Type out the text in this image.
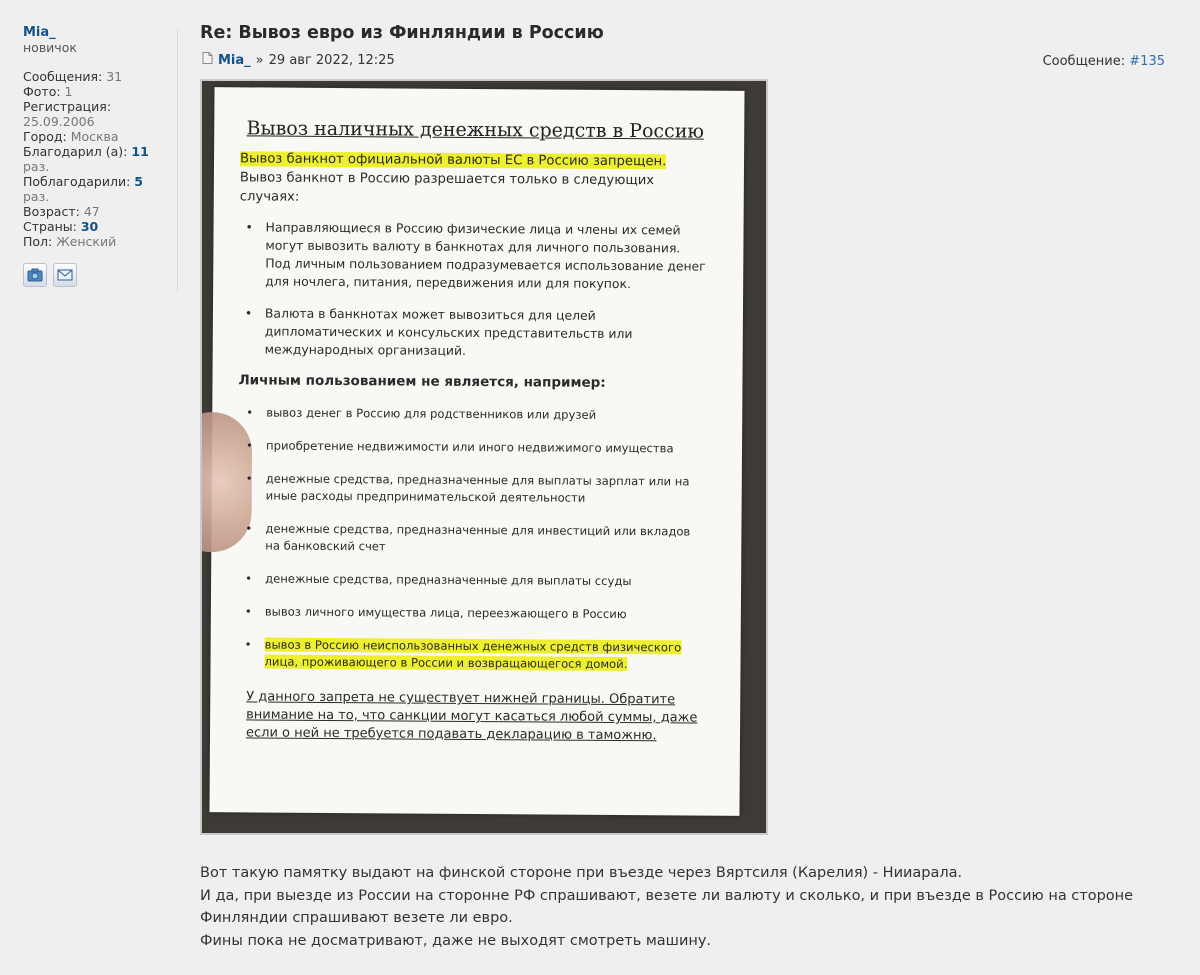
Mia_
новичок
Сообщения: 31
Фото: 1
Регистрация:
25.09.2006
Город: Москва
Благодарил (а): 11
раз.
Поблагодарили: 5
раз.
Возраст: 47
Страны: 30
Пол: Женский
Re: Вывоз евро из Финляндии в Россию
Mia_ » 29 авг 2022, 12:25	Сообщение: #135
Вывоз наличных денежных средств в Россию
Вывоз банкнот официальной валюты ЕС в Россию запрещен. Вывоз банкнот в Россию разрешается только в следующих случаях:
• Направляющиеся в Россию физические лица и члены их семей могут вывозить валюту в банкнотах для личного пользования. Под личным пользованием подразумевается использование денег для ночлега, питания, передвижения или для покупок.
• Валюта в банкнотах может вывозиться для целей дипломатических и консульских представительств или международных организаций.
Личным пользованием не является, например:
• вывоз денег в Россию для родственников или друзей
• приобретение недвижимости или иного недвижимого имущества
• денежные средства, предназначенные для выплаты зарплат или на иные расходы предпринимательской деятельности
• денежные средства, предназначенные для инвестиций или вкладов на банковский счет
• денежные средства, предназначенные для выплаты ссуды
• вывоз личного имущества лица, переезжающего в Россию
• вывоз в Россию неиспользованных денежных средств физического лица, проживающего в России и возвращающегося домой.
У данного запрета не существует нижней границы. Обратите внимание на то, что санкции могут касаться любой суммы, даже если о ней не требуется подавать декларацию в таможню.

Вот такую памятку выдают на финской стороне при въезде через Вяртсиля (Карелия) - Нииарала.

И да, при выезде из России на сторонне РФ спрашивают, везете ли валюту и сколько, и при въезде в Россию на стороне Финляндии спрашивают везете ли евро.

Фины пока не досматривают, даже не выходят смотреть машину.
